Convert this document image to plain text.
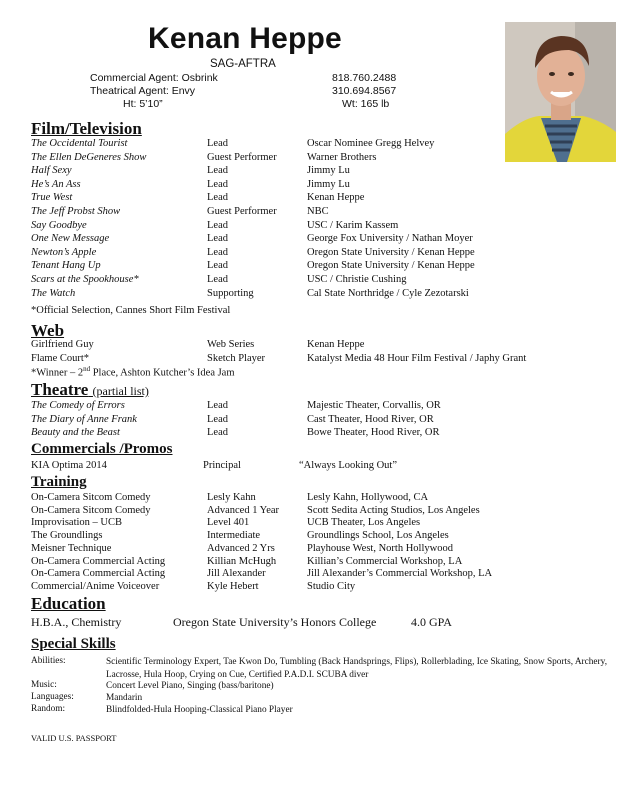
Kenan Heppe
SAG-AFTRA
Commercial Agent: Osbrink	818.760.2488
Theatrical Agent: Envy	310.694.8567
Ht: 5’10”	Wt: 165 lb
Film/Television
The Occidental Tourist	Lead	Oscar Nominee Gregg Helvey
The Ellen DeGeneres Show	Guest Performer	Warner Brothers
Half Sexy	Lead	Jimmy Lu
He’s An Ass	Lead	Jimmy Lu
True West	Lead	Kenan Heppe
The Jeff Probst Show	Guest Performer	NBC
Say Goodbye	Lead	USC / Karim Kassem
One New Message	Lead	George Fox University / Nathan Moyer
Newton’s Apple	Lead	Oregon State University / Kenan Heppe
Tenant Hang Up	Lead	Oregon State University / Kenan Heppe
Scars at the Spookhouse*	Lead	USC / Christie Cushing
The Watch	Supporting	Cal State Northridge / Cyle Zezotarski
*Official Selection, Cannes Short Film Festival
Web
Girlfriend Guy	Web Series	Kenan Heppe
Flame Court*	Sketch Player	Katalyst Media 48 Hour Film Festival / Japhy Grant
*Winner – 2nd Place, Ashton Kutcher’s Idea Jam
Theatre (partial list)
The Comedy of Errors	Lead	Majestic Theater, Corvallis, OR
The Diary of Anne Frank	Lead	Cast Theater, Hood River, OR
Beauty and the Beast	Lead	Bowe Theater, Hood River, OR
Commercials /Promos
KIA Optima 2014	Principal	“Always Looking Out”
Training
On-Camera Sitcom Comedy	Lesly Kahn	Lesly Kahn, Hollywood, CA
On-Camera Sitcom Comedy	Advanced 1 Year	Scott Sedita Acting Studios, Los Angeles
Improvisation – UCB	Level 401	UCB Theater, Los Angeles
The Groundlings	Intermediate	Groundlings School, Los Angeles
Meisner Technique	Advanced 2 Yrs	Playhouse West, North Hollywood
On-Camera Commercial Acting	Killian McHugh	Killian’s Commercial Workshop, LA
On-Camera Commercial Acting	Jill Alexander	Jill Alexander’s Commercial Workshop, LA
Commercial/Anime Voiceover	Kyle Hebert	Studio City
Education
H.B.A., Chemistry	Oregon State University’s Honors College	4.0 GPA
Special Skills
Abilities:	Scientific Terminology Expert, Tae Kwon Do, Tumbling (Back Handsprings, Flips), Rollerblading, Ice Skating, Snow Sports, Archery, Lacrosse, Hula Hoop, Crying on Cue, Certified P.A.D.I. SCUBA diver
Music:	Concert Level Piano, Singing (bass/baritone)
Languages:	Mandarin
Random:	Blindfolded-Hula Hooping-Classical Piano Player
VALID U.S. PASSPORT
